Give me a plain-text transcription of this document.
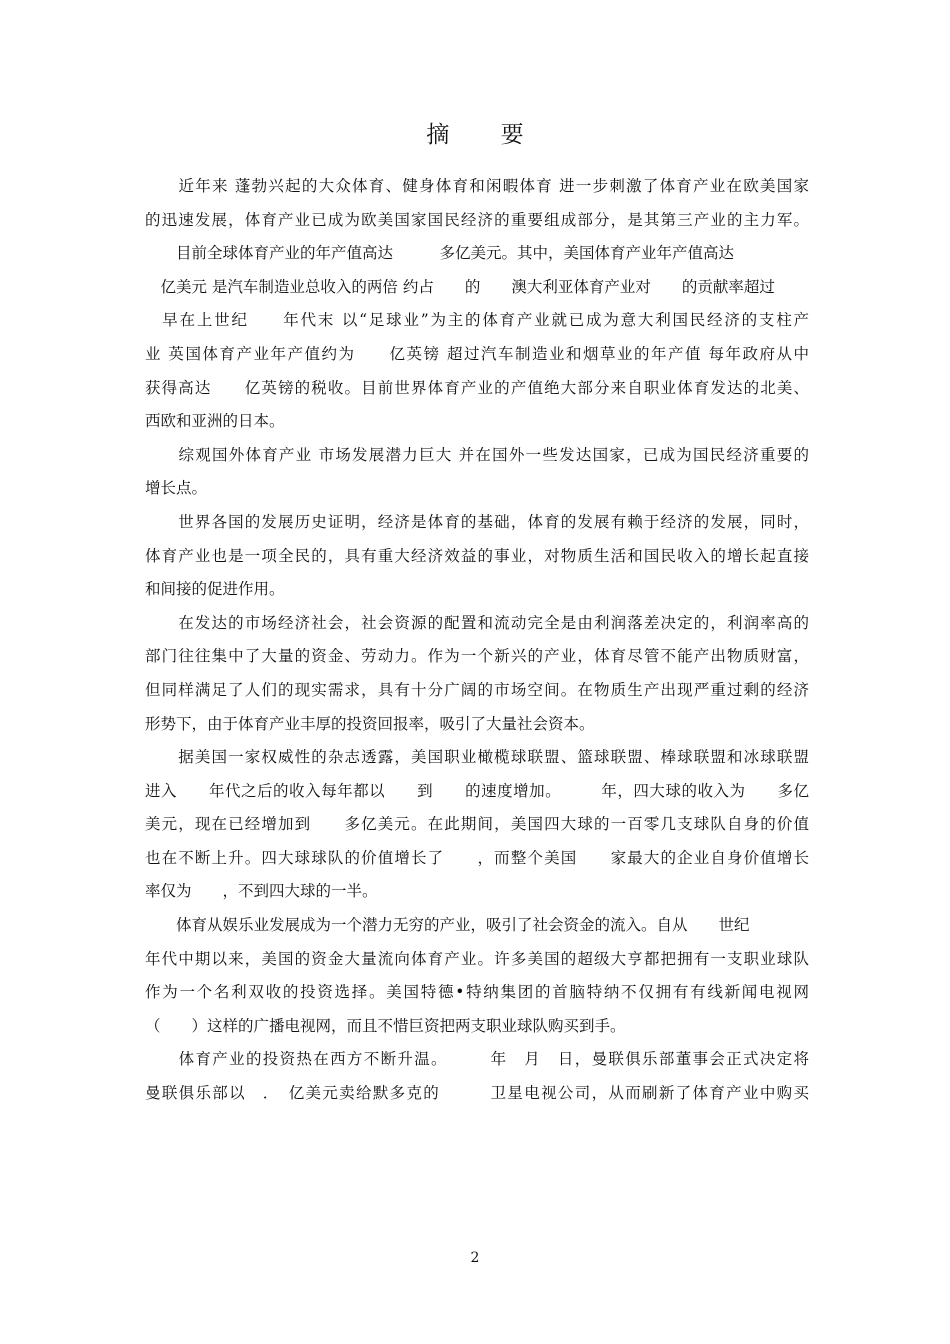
摘 要
　　近年来 蓬勃兴起的大众体育、健身体育和闲暇体育 进一步刺激了体育产业在欧美国家
的迅速发展，体育产业已成为欧美国家国民经济的重要组成部分，是其第三产业的主力军。
　　目前全球体育产业的年产值高达　　　多亿美元。其中，美国体育产业年产值高达
　亿美元 是汽车制造业总收入的两倍 约占　　的　　澳大利亚体育产业对　　的贡献率超过
　早在上世纪　　年代末 以“足球业”为主的体育产业就已成为意大利国民经济的支柱产
业 英国体育产业年产值约为　　亿英镑 超过汽车制造业和烟草业的年产值 每年政府从中
获得高达　　亿英镑的税收。目前世界体育产业的产值绝大部分来自职业体育发达的北美、
西欧和亚洲的日本。
　　综观国外体育产业 市场发展潜力巨大 并在国外一些发达国家，已成为国民经济重要的
增长点。
　　世界各国的发展历史证明，经济是体育的基础，体育的发展有赖于经济的发展，同时，
体育产业也是一项全民的，具有重大经济效益的事业，对物质生活和国民收入的增长起直接
和间接的促进作用。
　　在发达的市场经济社会，社会资源的配置和流动完全是由利润落差决定的，利润率高的
部门往往集中了大量的资金、劳动力。作为一个新兴的产业，体育尽管不能产出物质财富，
但同样满足了人们的现实需求，具有十分广阔的市场空间。在物质生产出现严重过剩的经济
形势下，由于体育产业丰厚的投资回报率，吸引了大量社会资本。
　　据美国一家权威性的杂志透露，美国职业橄榄球联盟、篮球联盟、棒球联盟和冰球联盟
进入　　年代之后的收入每年都以　　到　　的速度增加。　　　年，四大球的收入为　　多亿
美元，现在已经增加到　　多亿美元。在此期间，美国四大球的一百零几支球队自身的价值
也在不断上升。四大球球队的价值增长了　　，而整个美国　　家最大的企业自身价值增长
率仅为　　，不到四大球的一半。
　　体育从娱乐业发展成为一个潜力无穷的产业，吸引了社会资金的流入。自从　　世纪
年代中期以来，美国的资金大量流向体育产业。许多美国的超级大亨都把拥有一支职业球队
作为一个名利双收的投资选择。美国特德•特纳集团的首脑特纳不仅拥有有线新闻电视网
（　　）这样的广播电视网，而且不惜巨资把两支职业球队购买到手。
　　体育产业的投资热在西方不断升温。　　　年　月　日，曼联俱乐部董事会正式决定将
曼联俱乐部以　．　亿美元卖给默多克的　　　卫星电视公司，从而刷新了体育产业中购买
2
